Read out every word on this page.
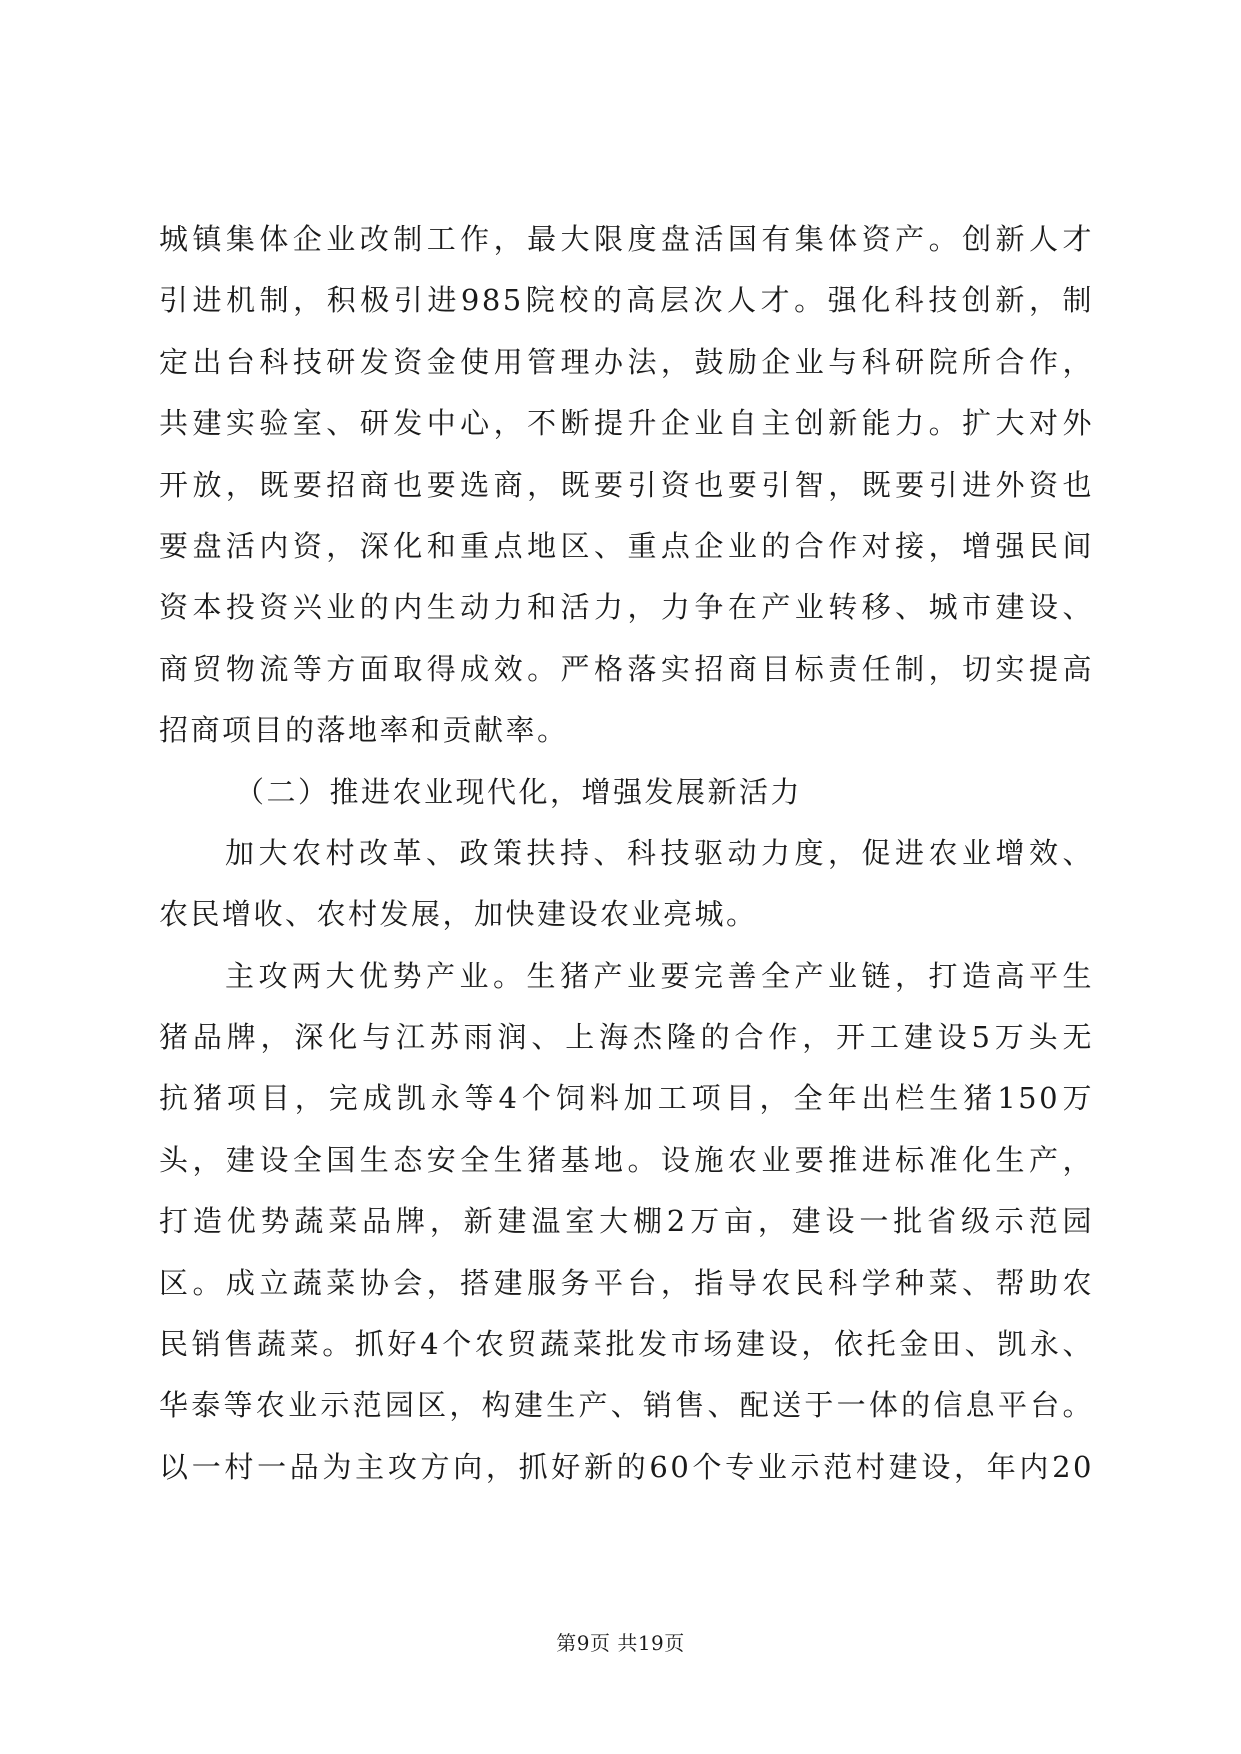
城镇集体企业改制工作，最大限度盘活国有集体资产。创新人才
引进机制，积极引进985院校的高层次人才。强化科技创新，制
定出台科技研发资金使用管理办法，鼓励企业与科研院所合作，
共建实验室、研发中心，不断提升企业自主创新能力。扩大对外
开放，既要招商也要选商，既要引资也要引智，既要引进外资也
要盘活内资，深化和重点地区、重点企业的合作对接，增强民间
资本投资兴业的内生动力和活力，力争在产业转移、城市建设、
商贸物流等方面取得成效。严格落实招商目标责任制，切实提高
招商项目的落地率和贡献率。
（二）推进农业现代化，增强发展新活力
加大农村改革、政策扶持、科技驱动力度，促进农业增效、
农民增收、农村发展，加快建设农业亮城。
主攻两大优势产业。生猪产业要完善全产业链，打造高平生
猪品牌，深化与江苏雨润、上海杰隆的合作，开工建设5万头无
抗猪项目，完成凯永等4个饲料加工项目，全年出栏生猪150万
头，建设全国生态安全生猪基地。设施农业要推进标准化生产，
打造优势蔬菜品牌，新建温室大棚2万亩，建设一批省级示范园
区。成立蔬菜协会，搭建服务平台，指导农民科学种菜、帮助农
民销售蔬菜。抓好4个农贸蔬菜批发市场建设，依托金田、凯永、
华泰等农业示范园区，构建生产、销售、配送于一体的信息平台。
以一村一品为主攻方向，抓好新的60个专业示范村建设，年内20
第9页 共19页
